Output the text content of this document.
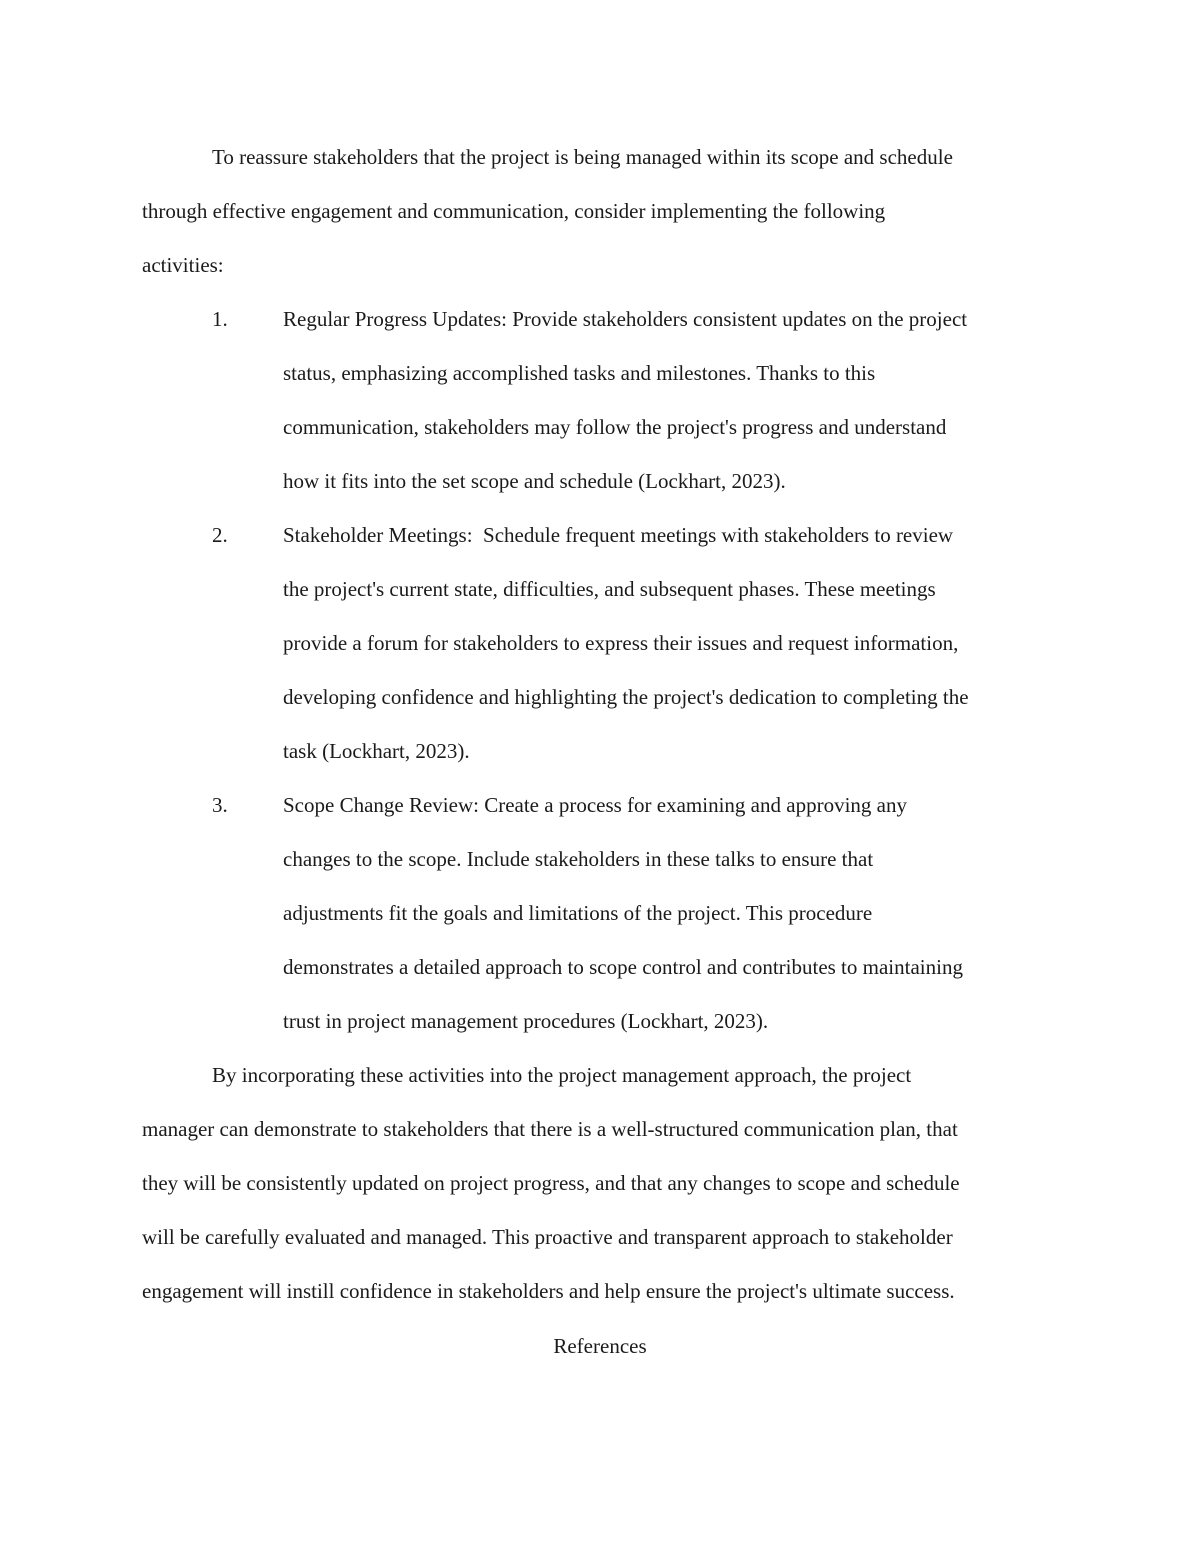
To reassure stakeholders that the project is being managed within its scope and schedule
through effective engagement and communication, consider implementing the following
activities:
1.	Regular Progress Updates: Provide stakeholders consistent updates on the project
status, emphasizing accomplished tasks and milestones. Thanks to this
communication, stakeholders may follow the project's progress and understand
how it fits into the set scope and schedule (Lockhart, 2023).
2.	Stakeholder Meetings:  Schedule frequent meetings with stakeholders to review
the project's current state, difficulties, and subsequent phases. These meetings
provide a forum for stakeholders to express their issues and request information,
developing confidence and highlighting the project's dedication to completing the
task (Lockhart, 2023).
3.	Scope Change Review: Create a process for examining and approving any
changes to the scope. Include stakeholders in these talks to ensure that
adjustments fit the goals and limitations of the project. This procedure
demonstrates a detailed approach to scope control and contributes to maintaining
trust in project management procedures (Lockhart, 2023).
By incorporating these activities into the project management approach, the project
manager can demonstrate to stakeholders that there is a well-structured communication plan, that
they will be consistently updated on project progress, and that any changes to scope and schedule
will be carefully evaluated and managed. This proactive and transparent approach to stakeholder
engagement will instill confidence in stakeholders and help ensure the project's ultimate success.
References
